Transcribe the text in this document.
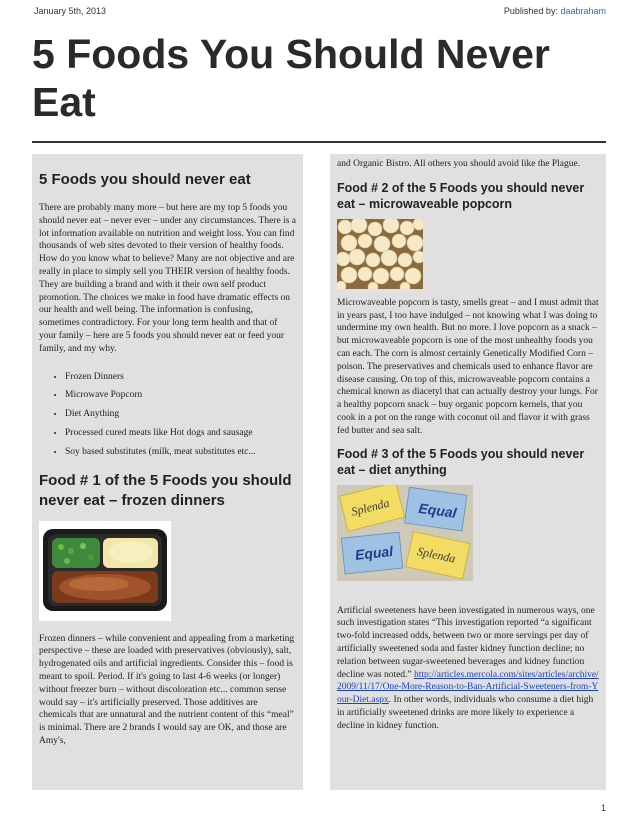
January 5th, 2013	Published by: daabraham
5 Foods You Should Never Eat
5 Foods you should never eat

There are probably many more – but here are my top 5 foods you should never eat – never ever – under any circumstances. There is a lot information available on nutrition and weight loss. You can find thousands of web sites devoted to their version of healthy foods. How do you know what to believe? Many are not objective and are really in place to simply sell you THEIR version of healthy foods. They are building a brand and with it their own self product promotion. The choices we make in food have dramatic effects on our health and well being. The information is confusing, sometimes contradictory. For your long term health and that of your family – here are 5 foods you should never eat or feed your family, and my why.

• Frozen Dinners
• Microwave Popcorn
• Diet Anything
• Processed cured meats like Hot dogs and sausage
• Soy based substitutes (milk, meat substitutes etc...
Food # 1 of the 5 Foods you should never eat – frozen dinners

Frozen dinners – while convenient and appealing from a marketing perspective – these are loaded with preservatives (obviously), salt, hydrogenated oils and artificial ingredients. Consider this – food is meant to spoil. Period. If it's going to last 4-6 weeks (or longer) without freezer burn – without discoloration etc... common sense would say – it's artificially preserved. Those additives are chemicals that are unnatural and the nutrient content of this “meal” is minimal. There are 2 brands I would say are OK, and those are Amy's,

and Organic Bistro. All others you should avoid like the Plague.

Food # 2 of the 5 Foods you should never eat – microwaveable popcorn

Microwaveable popcorn is tasty, smells great – and I must admit that in years past, I too have indulged – not knowing what I was doing to undermine my own health. But no more. I love popcorn as a snack – but microwaveable popcorn is one of the most unhealthy foods you can each. The corn is almost certainly Genetically Modified Corn – poison. The preservatives and chemicals used to enhance flavor are disease causing. On top of this, microwaveable popcorn contains a chemical known as diacetyl that can actually destroy your lungs. For a healthy popcorn snack – buy organic popcorn kernels, that you cook in a pot on the range with coconut oil and flavor it with grass fed butter and sea salt.

Food # 3 of the 5 Foods you should never eat – diet anything
Splenda Equal
Equal Splenda

Artificial sweeteners have been investigated in numerous ways, one such investigation states “This investigation reported “a significant two-fold increased odds, between two or more servings per day of artificially sweetened soda and faster kidney function decline; no relation between sugar-sweetened beverages and kidney function decline was noted.” http://articles.mercola.com/sites/articles/archive/2009/11/17/One-More-Reason-to-Ban-Artificial-Sweeteners-from-Your-Diet.aspx. In other words, individuals who consume a diet high in artificially sweetened drinks are more likely to experience a decline in kidney function.

1
